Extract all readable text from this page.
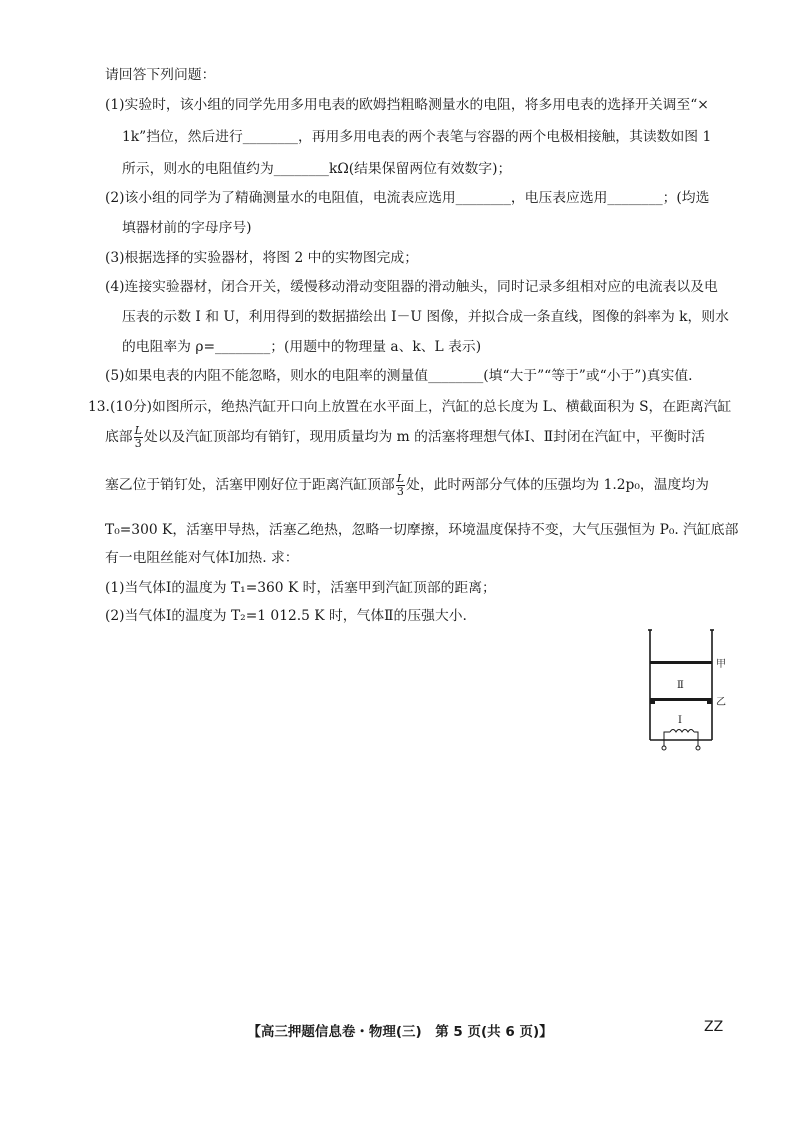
请回答下列问题：
(1)实验时，该小组的同学先用多用电表的欧姆挡粗略测量水的电阻，将多用电表的选择开关调至“×
1k”挡位，然后进行________，再用多用电表的两个表笔与容器的两个电极相接触，其读数如图 1
所示，则水的电阻值约为________kΩ(结果保留两位有效数字)；
(2)该小组的同学为了精确测量水的电阻值，电流表应选用________，电压表应选用________；(均选
填器材前的字母序号)
(3)根据选择的实验器材，将图 2 中的实物图完成；
(4)连接实验器材，闭合开关，缓慢移动滑动变阻器的滑动触头，同时记录多组相对应的电流表以及电
压表的示数 I 和 U，利用得到的数据描绘出 I－U 图像，并拟合成一条直线，图像的斜率为 k，则水
的电阻率为 ρ=________；(用题中的物理量 a、k、L 表示)
(5)如果电表的内阻不能忽略，则水的电阻率的测量值________(填“大于”“等于”或“小于”)真实值.
13.(10分)如图所示，绝热汽缸开口向上放置在水平面上，汽缸的总长度为 L、横截面积为 S，在距离汽缸
底部 $\frac{L}{3}$ 处以及汽缸顶部均有销钉，现用质量均为 m 的活塞将理想气体Ⅰ、Ⅱ封闭在汽缸中，平衡时活
塞乙位于销钉处，活塞甲刚好位于距离汽缸顶部 $\frac{L}{3}$ 处，此时两部分气体的压强均为 1.2p₀，温度均为
T₀=300 K，活塞甲导热，活塞乙绝热，忽略一切摩擦，环境温度保持不变，大气压强恒为 P₀. 汽缸底部
有一电阻丝能对气体Ⅰ加热. 求：
(1)当气体Ⅰ的温度为 T₁=360 K 时，活塞甲到汽缸顶部的距离；
(2)当气体Ⅰ的温度为 T₂=1 012.5 K 时，气体Ⅱ的压强大小.
甲
乙
Ⅱ
Ⅰ
【高三押题信息卷・物理(三)　第 5 页(共 6 页)】	ZZ
